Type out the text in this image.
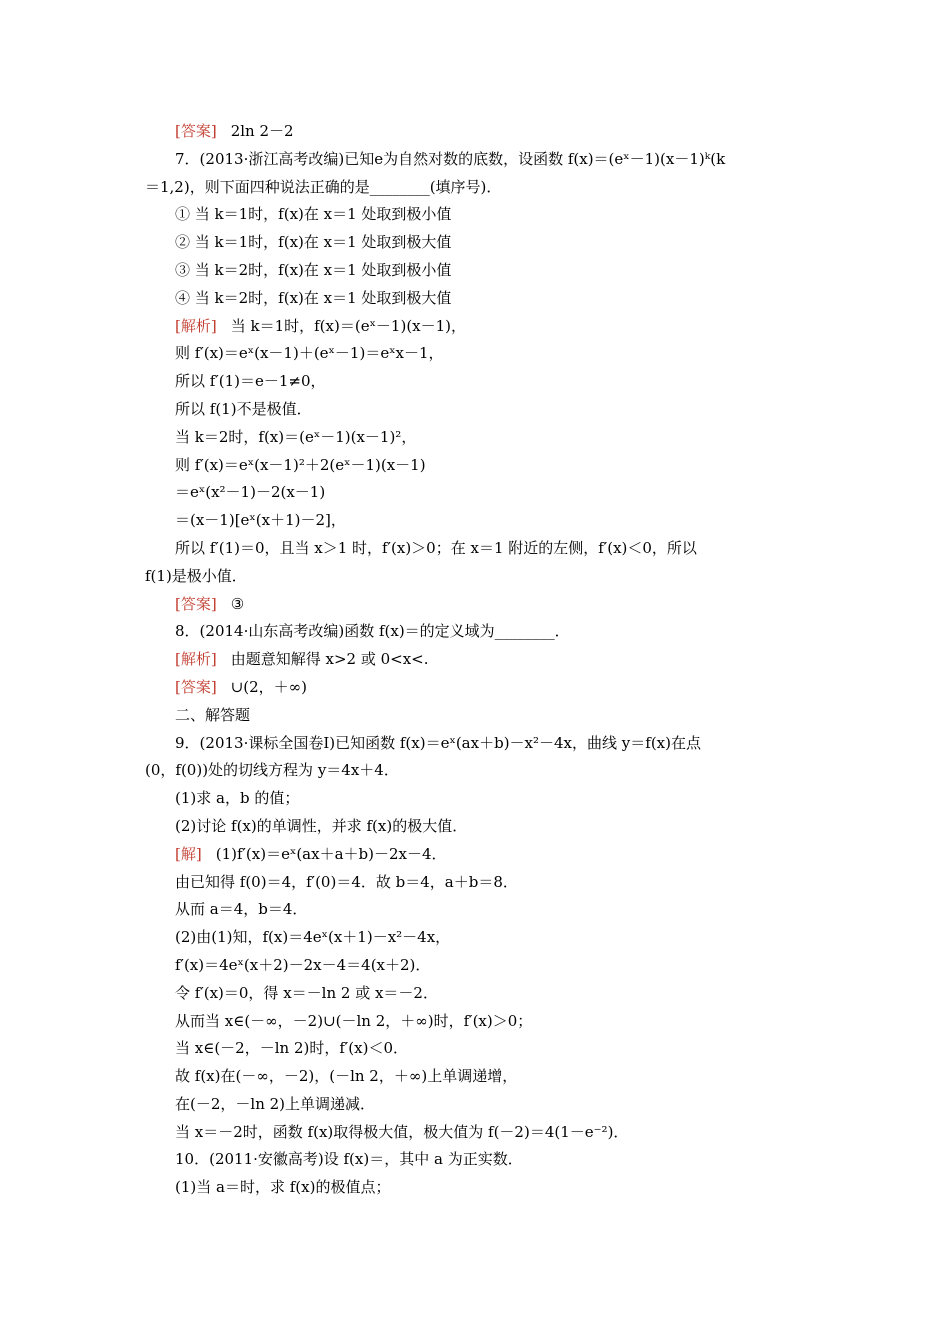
[答案] 2ln 2－2
7．(2013·浙江高考改编)已知e为自然对数的底数，设函数 f(x)＝(eˣ－1)(x－1)ᵏ(k
＝1,2)，则下面四种说法正确的是________(填序号)．
① 当 k＝1时，f(x)在 x＝1 处取到极小值
② 当 k＝1时，f(x)在 x＝1 处取到极大值
③ 当 k＝2时，f(x)在 x＝1 处取到极小值
④ 当 k＝2时，f(x)在 x＝1 处取到极大值
[解析] 当 k＝1时，f(x)＝(eˣ－1)(x－1)，
则 f′(x)＝eˣ(x－1)＋(eˣ－1)＝eˣx－1，
所以 f′(1)＝e－1≠0，
所以 f(1)不是极值．
当 k＝2时，f(x)＝(eˣ－1)(x－1)²，
则 f′(x)＝eˣ(x－1)²＋2(eˣ－1)(x－1)
＝eˣ(x²－1)－2(x－1)
＝(x－1)[eˣ(x＋1)－2]，
所以 f′(1)＝0，且当 x＞1 时，f′(x)＞0；在 x＝1 附近的左侧，f′(x)＜0，所以
f(1)是极小值．
[答案] ③
8．(2014·山东高考改编)函数 f(x)＝的定义域为________．
[解析] 由题意知解得 x>2 或 0<x<.
[答案] ∪(2，＋∞)
二、解答题
9．(2013·课标全国卷Ⅰ)已知函数 f(x)＝eˣ(ax＋b)－x²－4x，曲线 y＝f(x)在点
(0，f(0))处的切线方程为 y＝4x＋4．
(1)求 a，b 的值；
(2)讨论 f(x)的单调性，并求 f(x)的极大值．
[解] (1)f′(x)＝eˣ(ax＋a＋b)－2x－4．
由已知得 f(0)＝4，f′(0)＝4．故 b＝4，a＋b＝8．
从而 a＝4，b＝4．
(2)由(1)知，f(x)＝4eˣ(x＋1)－x²－4x，
f′(x)＝4eˣ(x＋2)－2x－4＝4(x＋2)．
令 f′(x)＝0，得 x＝－ln 2 或 x＝－2．
从而当 x∈(－∞，－2)∪(－ln 2，＋∞)时，f′(x)＞0；
当 x∈(－2，－ln 2)时，f′(x)＜0．
故 f(x)在(－∞，－2)，(－ln 2，＋∞)上单调递增，
在(－2，－ln 2)上单调递减．
当 x＝－2时，函数 f(x)取得极大值，极大值为 f(－2)＝4(1－e⁻²)．
10．(2011·安徽高考)设 f(x)＝，其中 a 为正实数．
(1)当 a＝时，求 f(x)的极值点；
